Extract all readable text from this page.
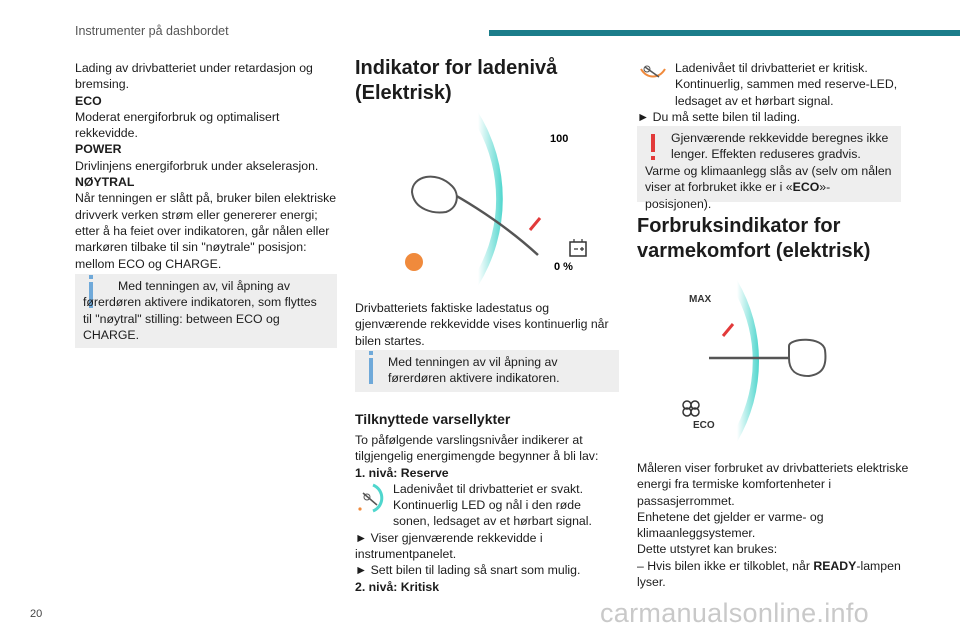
Instrumenter på dashbordet

Lading av drivbatteriet under retardasjon og bremsing.

ECO

Moderat energiforbruk og optimalisert rekkevidde.

POWER

Drivlinjens energiforbruk under akselerasjon.

NØYTRAL

Når tenningen er slått på, bruker bilen elektriske drivverk verken strøm eller genererer energi; etter å ha feiet over indikatoren, går nålen eller markøren tilbake til sin "nøytrale" posisjon: mellom ECO og CHARGE.

Med tenningen av, vil åpning av førerdøren aktivere indikatoren, som flyttes til "nøytral" stilling: between ECO og CHARGE.
Indikator for ladenivå (Elektrisk)
100
0 %
Drivbatteriets faktiske ladestatus og gjenværende rekkevidde vises kontinuerlig når bilen startes.
Med tenningen av vil åpning av førerdøren aktivere indikatoren.
Tilknyttede varsellykter

To påfølgende varslingsnivåer indikerer at tilgjengelig energimengde begynner å bli lav:

1. nivå: Reserve

Ladenivået til drivbatteriet er svakt. Kontinuerlig LED og nål i den røde sonen, ledsaget av et hørbart signal.

► Viser gjenværende rekkevidde i instrumentpanelet.

► Sett bilen til lading så snart som mulig.

2. nivå: Kritisk

Ladenivået til drivbatteriet er kritisk. Kontinuerlig, sammen med reserve-LED, ledsaget av et hørbart signal.

► Du må sette bilen til lading.

Gjenværende rekkevidde beregnes ikke lenger. Effekten reduseres gradvis.
Varme og klimaanlegg slås av (selv om nålen viser at forbruket ikke er i «ECO»-posisjonen).
Forbruksindikator for varmekomfort (elektrisk)
MAX
ECO

Måleren viser forbruket av drivbatteriets elektriske energi fra termiske komfortenheter i passasjerrommet.

Enhetene det gjelder er varme- og klimaanleggsystemer.

Dette utstyret kan brukes:

– Hvis bilen ikke er tilkoblet, når READY-lampen lyser.

20	carmanualsonline.info
